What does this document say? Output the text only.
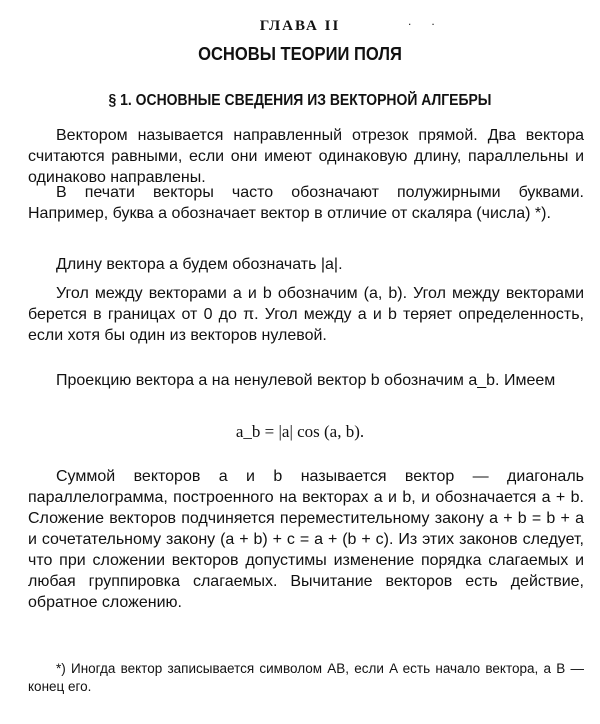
.      .
ГЛАВА II
ОСНОВЫ ТЕОРИИ ПОЛЯ
§ 1. ОСНОВНЫЕ СВЕДЕНИЯ ИЗ ВЕКТОРНОЙ АЛГЕБРЫ

Вектором называется направленный отрезок прямой. Два вектора считаются равными, если они имеют одинаковую длину, параллельны и одинаково направлены.

В печати векторы часто обозначают полужирными буквами. Например, буква a обозначает вектор в отличие от скаляра (числа) *).

Длину вектора a будем обозначать |a|.

Угол между векторами a и b обозначим (a, b). Угол между векторами берется в границах от 0 до π. Угол между a и b теряет определенность, если хотя бы один из векторов нулевой.

Проекцию вектора a на ненулевой вектор b обозначим a_b. Имеем

a_b = |a| cos (a, b).

Суммой векторов a и b называется вектор — диагональ параллелограмма, построенного на векторах a и b, и обозначается a + b. Сложение векторов подчиняется переместительному закону a + b = b + a и сочетательному закону (a + b) + c = a + (b + c). Из этих законов следует, что при сложении векторов допустимы изменение порядка слагаемых и любая группировка слагаемых. Вычитание векторов есть действие, обратное сложению.

*) Иногда вектор записывается символом AB, если A есть начало вектора, а B — конец его.
